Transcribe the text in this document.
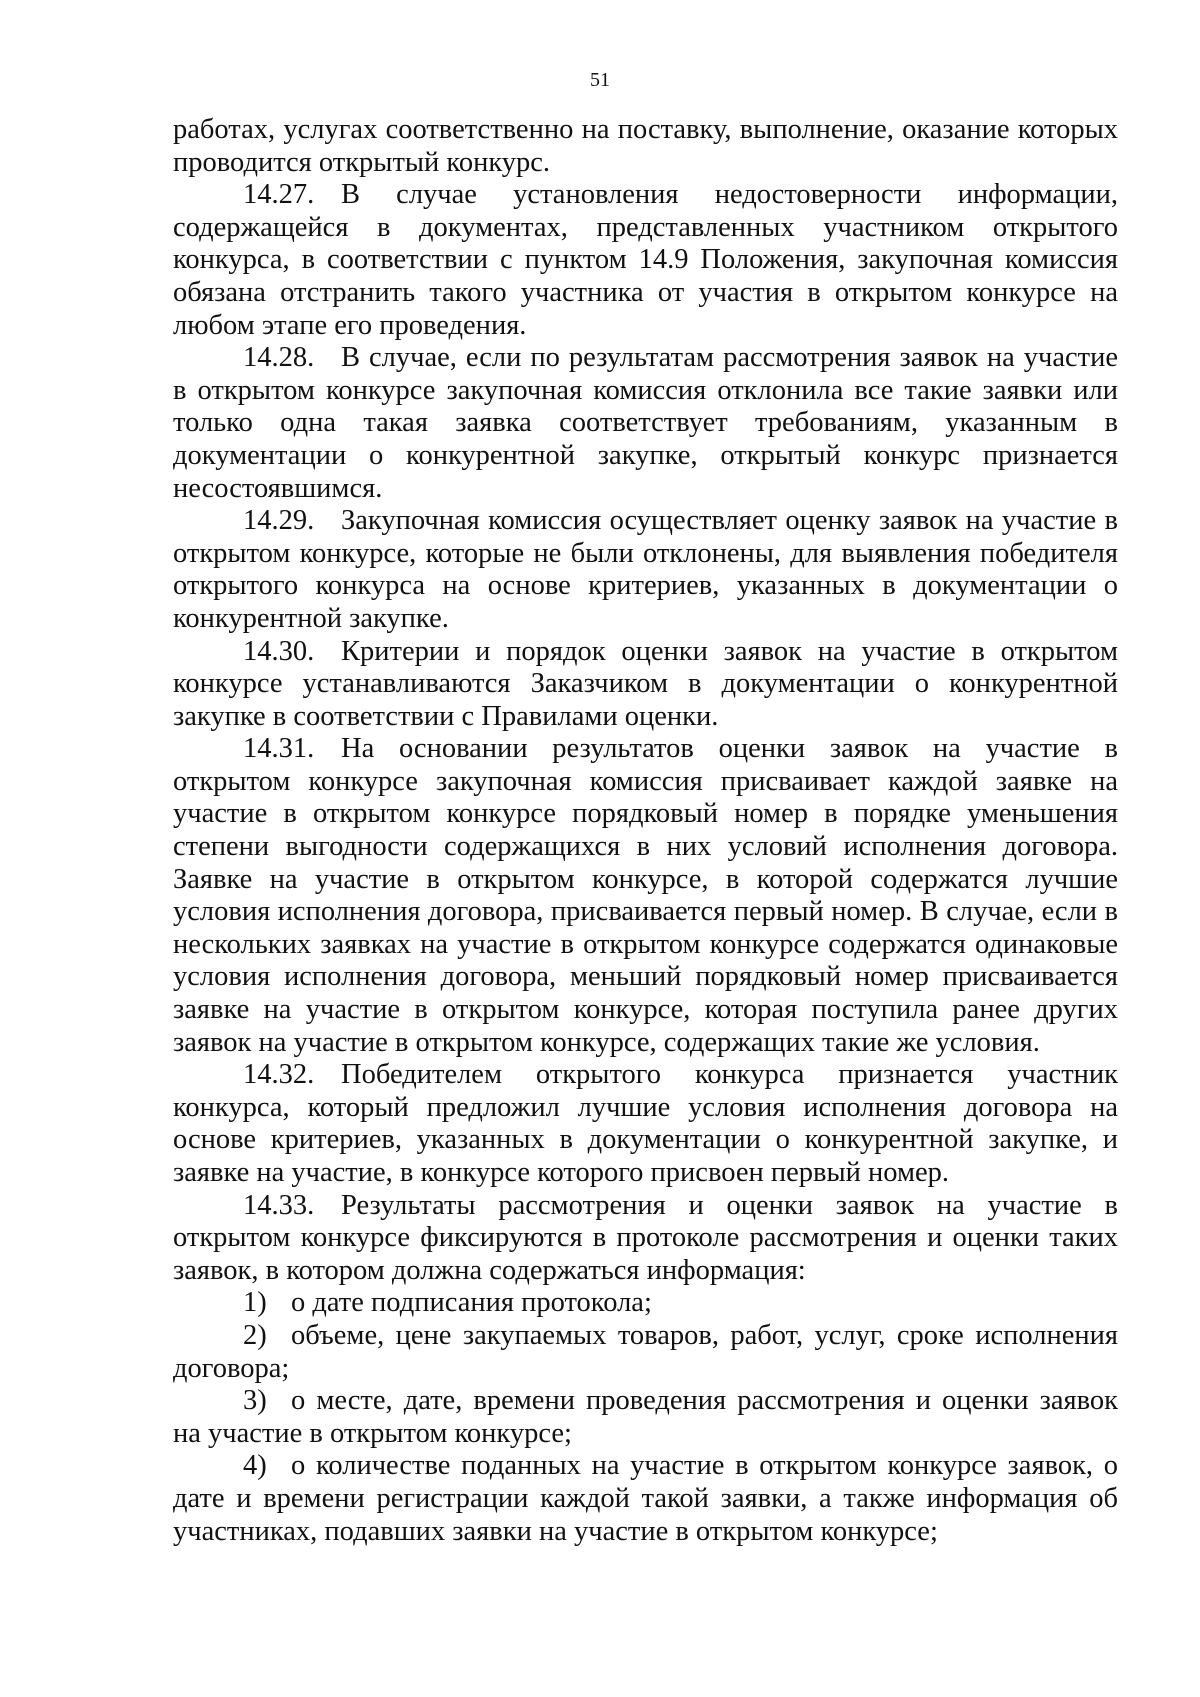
51

работах, услугах соответственно на поставку, выполнение, оказание которых проводится открытый конкурс.

14.27. В случае установления недостоверности информации, содержащейся в документах, представленных участником открытого конкурса, в соответствии с пунктом 14.9 Положения, закупочная комиссия обязана отстранить такого участника от участия в открытом конкурсе на любом этапе его проведения.

14.28. В случае, если по результатам рассмотрения заявок на участие в открытом конкурсе закупочная комиссия отклонила все такие заявки или только одна такая заявка соответствует требованиям, указанным в документации о конкурентной закупке, открытый конкурс признается несостоявшимся.

14.29. Закупочная комиссия осуществляет оценку заявок на участие в открытом конкурсе, которые не были отклонены, для выявления победителя открытого конкурса на основе критериев, указанных в документации о конкурентной закупке.

14.30. Критерии и порядок оценки заявок на участие в открытом конкурсе устанавливаются Заказчиком в документации о конкурентной закупке в соответствии с Правилами оценки.

14.31. На основании результатов оценки заявок на участие в открытом конкурсе закупочная комиссия присваивает каждой заявке на участие в открытом конкурсе порядковый номер в порядке уменьшения степени выгодности содержащихся в них условий исполнения договора. Заявке на участие в открытом конкурсе, в которой содержатся лучшие условия исполнения договора, присваивается первый номер. В случае, если в нескольких заявках на участие в открытом конкурсе содержатся одинаковые условия исполнения договора, меньший порядковый номер присваивается заявке на участие в открытом конкурсе, которая поступила ранее других заявок на участие в открытом конкурсе, содержащих такие же условия.

14.32. Победителем открытого конкурса признается участник конкурса, который предложил лучшие условия исполнения договора на основе критериев, указанных в документации о конкурентной закупке, и заявке на участие, в конкурсе которого присвоен первый номер.

14.33. Результаты рассмотрения и оценки заявок на участие в открытом конкурсе фиксируются в протоколе рассмотрения и оценки таких заявок, в котором должна содержаться информация:

1) о дате подписания протокола;

2) объеме, цене закупаемых товаров, работ, услуг, сроке исполнения договора;

3) о месте, дате, времени проведения рассмотрения и оценки заявок на участие в открытом конкурсе;

4) о количестве поданных на участие в открытом конкурсе заявок, о дате и времени регистрации каждой такой заявки, а также информация об участниках, подавших заявки на участие в открытом конкурсе;
